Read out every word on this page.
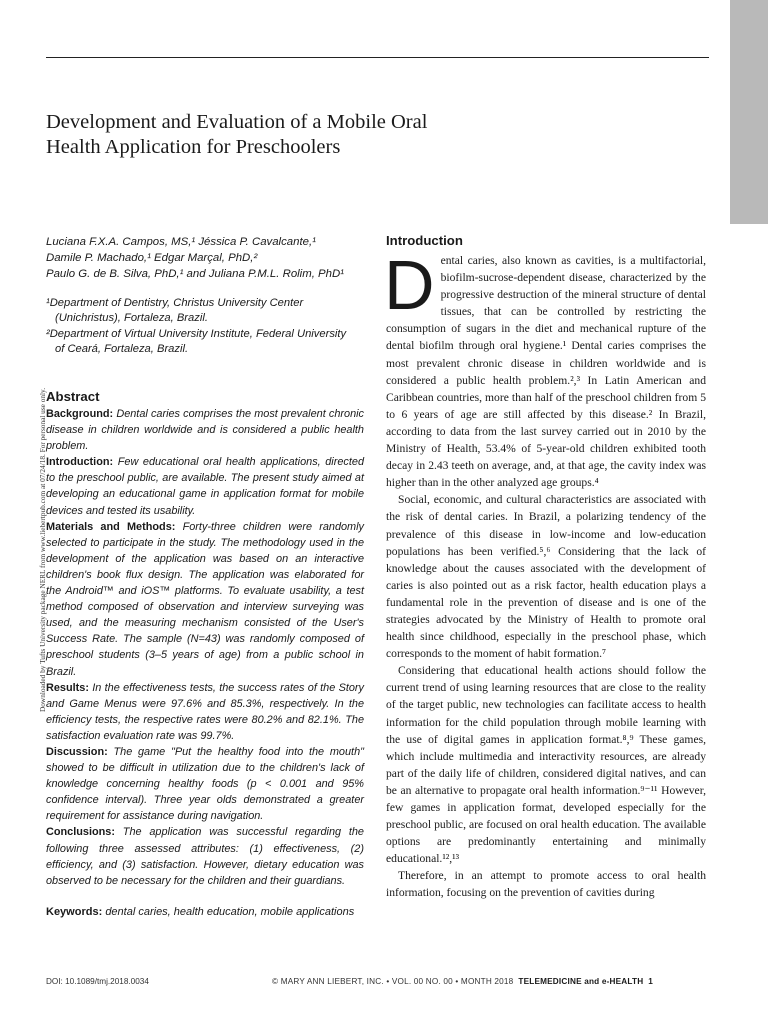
Development and Evaluation of a Mobile Oral
Health Application for Preschoolers
Luciana F.X.A. Campos, MS,¹ Jéssica P. Cavalcante,¹
Damile P. Machado,¹ Edgar Marçal, PhD,²
Paulo G. de B. Silva, PhD,¹ and Juliana P.M.L. Rolim, PhD¹
¹Department of Dentistry, Christus University Center
(Unichristus), Fortaleza, Brazil.
²Department of Virtual University Institute, Federal University
of Ceará, Fortaleza, Brazil.
Downloaded by Tufts University package NERL from www.liebertpub.com at 07/24/18. For personal use only. Abstract

Background: Dental caries comprises the most prevalent chronic disease in children worldwide and is considered a public health problem.

Introduction: Few educational oral health applications, directed to the preschool public, are available. The present study aimed at developing an educational game in application format for mobile devices and tested its usability.

Materials and Methods: Forty-three children were randomly selected to participate in the study. The methodology used in the development of the application was based on an interactive children's book flux design. The application was elaborated for the Android™ and iOS™ platforms. To evaluate usability, a test method composed of observation and interview surveying was used, and the measuring mechanism consisted of the User's Success Rate. The sample (N=43) was randomly composed of preschool students (3–5 years of age) from a public school in Brazil.

Results: In the effectiveness tests, the success rates of the Story and Game Menus were 97.6% and 85.3%, respectively. In the efficiency tests, the respective rates were 80.2% and 82.1%. The satisfaction evaluation rate was 99.7%.

Discussion: The game "Put the healthy food into the mouth" showed to be difficult in utilization due to the children's lack of knowledge concerning healthy foods (p < 0.001 and 95% confidence interval). Three year olds demonstrated a greater requirement for assistance during navigation.

Conclusions: The application was successful regarding the following three assessed attributes: (1) effectiveness, (2) efficiency, and (3) satisfaction. However, dietary education was observed to be necessary for the children and their guardians.

Keywords: dental caries, health education, mobile applications
Introduction

Dental caries, also known as cavities, is a multifactorial, biofilm-sucrose-dependent disease, characterized by the progressive destruction of the mineral structure of dental tissues, that can be controlled by restricting the consumption of sugars in the diet and mechanical rupture of the dental biofilm through oral hygiene.¹ Dental caries comprises the most prevalent chronic disease in children worldwide and is considered a public health problem.²,³ In Latin American and Caribbean countries, more than half of the preschool children from 5 to 6 years of age are still affected by this disease.² In Brazil, according to data from the last survey carried out in 2010 by the Ministry of Health, 53.4% of 5-year-old children exhibited tooth decay in 2.43 teeth on average, and, at that age, the cavity index was higher than in the other analyzed age groups.⁴

Social, economic, and cultural characteristics are associated with the risk of dental caries. In Brazil, a polarizing tendency of the prevalence of this disease in low-income and low-education populations has been verified.⁵,⁶ Considering that the lack of knowledge about the causes associated with the development of caries is also pointed out as a risk factor, health education plays a fundamental role in the prevention of disease and is one of the strategies advocated by the Ministry of Health to promote oral health since childhood, especially in the preschool phase, which corresponds to the moment of habit formation.⁷

Considering that educational health actions should follow the current trend of using learning resources that are close to the reality of the target public, new technologies can facilitate access to health information for the child population through mobile learning with the use of digital games in application format.⁸,⁹ These games, which include multimedia and interactivity resources, are already part of the daily life of children, considered digital natives, and can be an alternative to propagate oral health information.⁹⁻¹¹ However, few games in application format, developed especially for the preschool public, are focused on oral health education. The available options are predominantly entertaining and minimally educational.¹²,¹³

Therefore, in an attempt to promote access to oral health information, focusing on the prevention of cavities during

DOI: 10.1089/tmj.2018.0034	© MARY ANN LIEBERT, INC. • VOL. 00 NO. 00 • MONTH 2018 TELEMEDICINE and e-HEALTH 1
